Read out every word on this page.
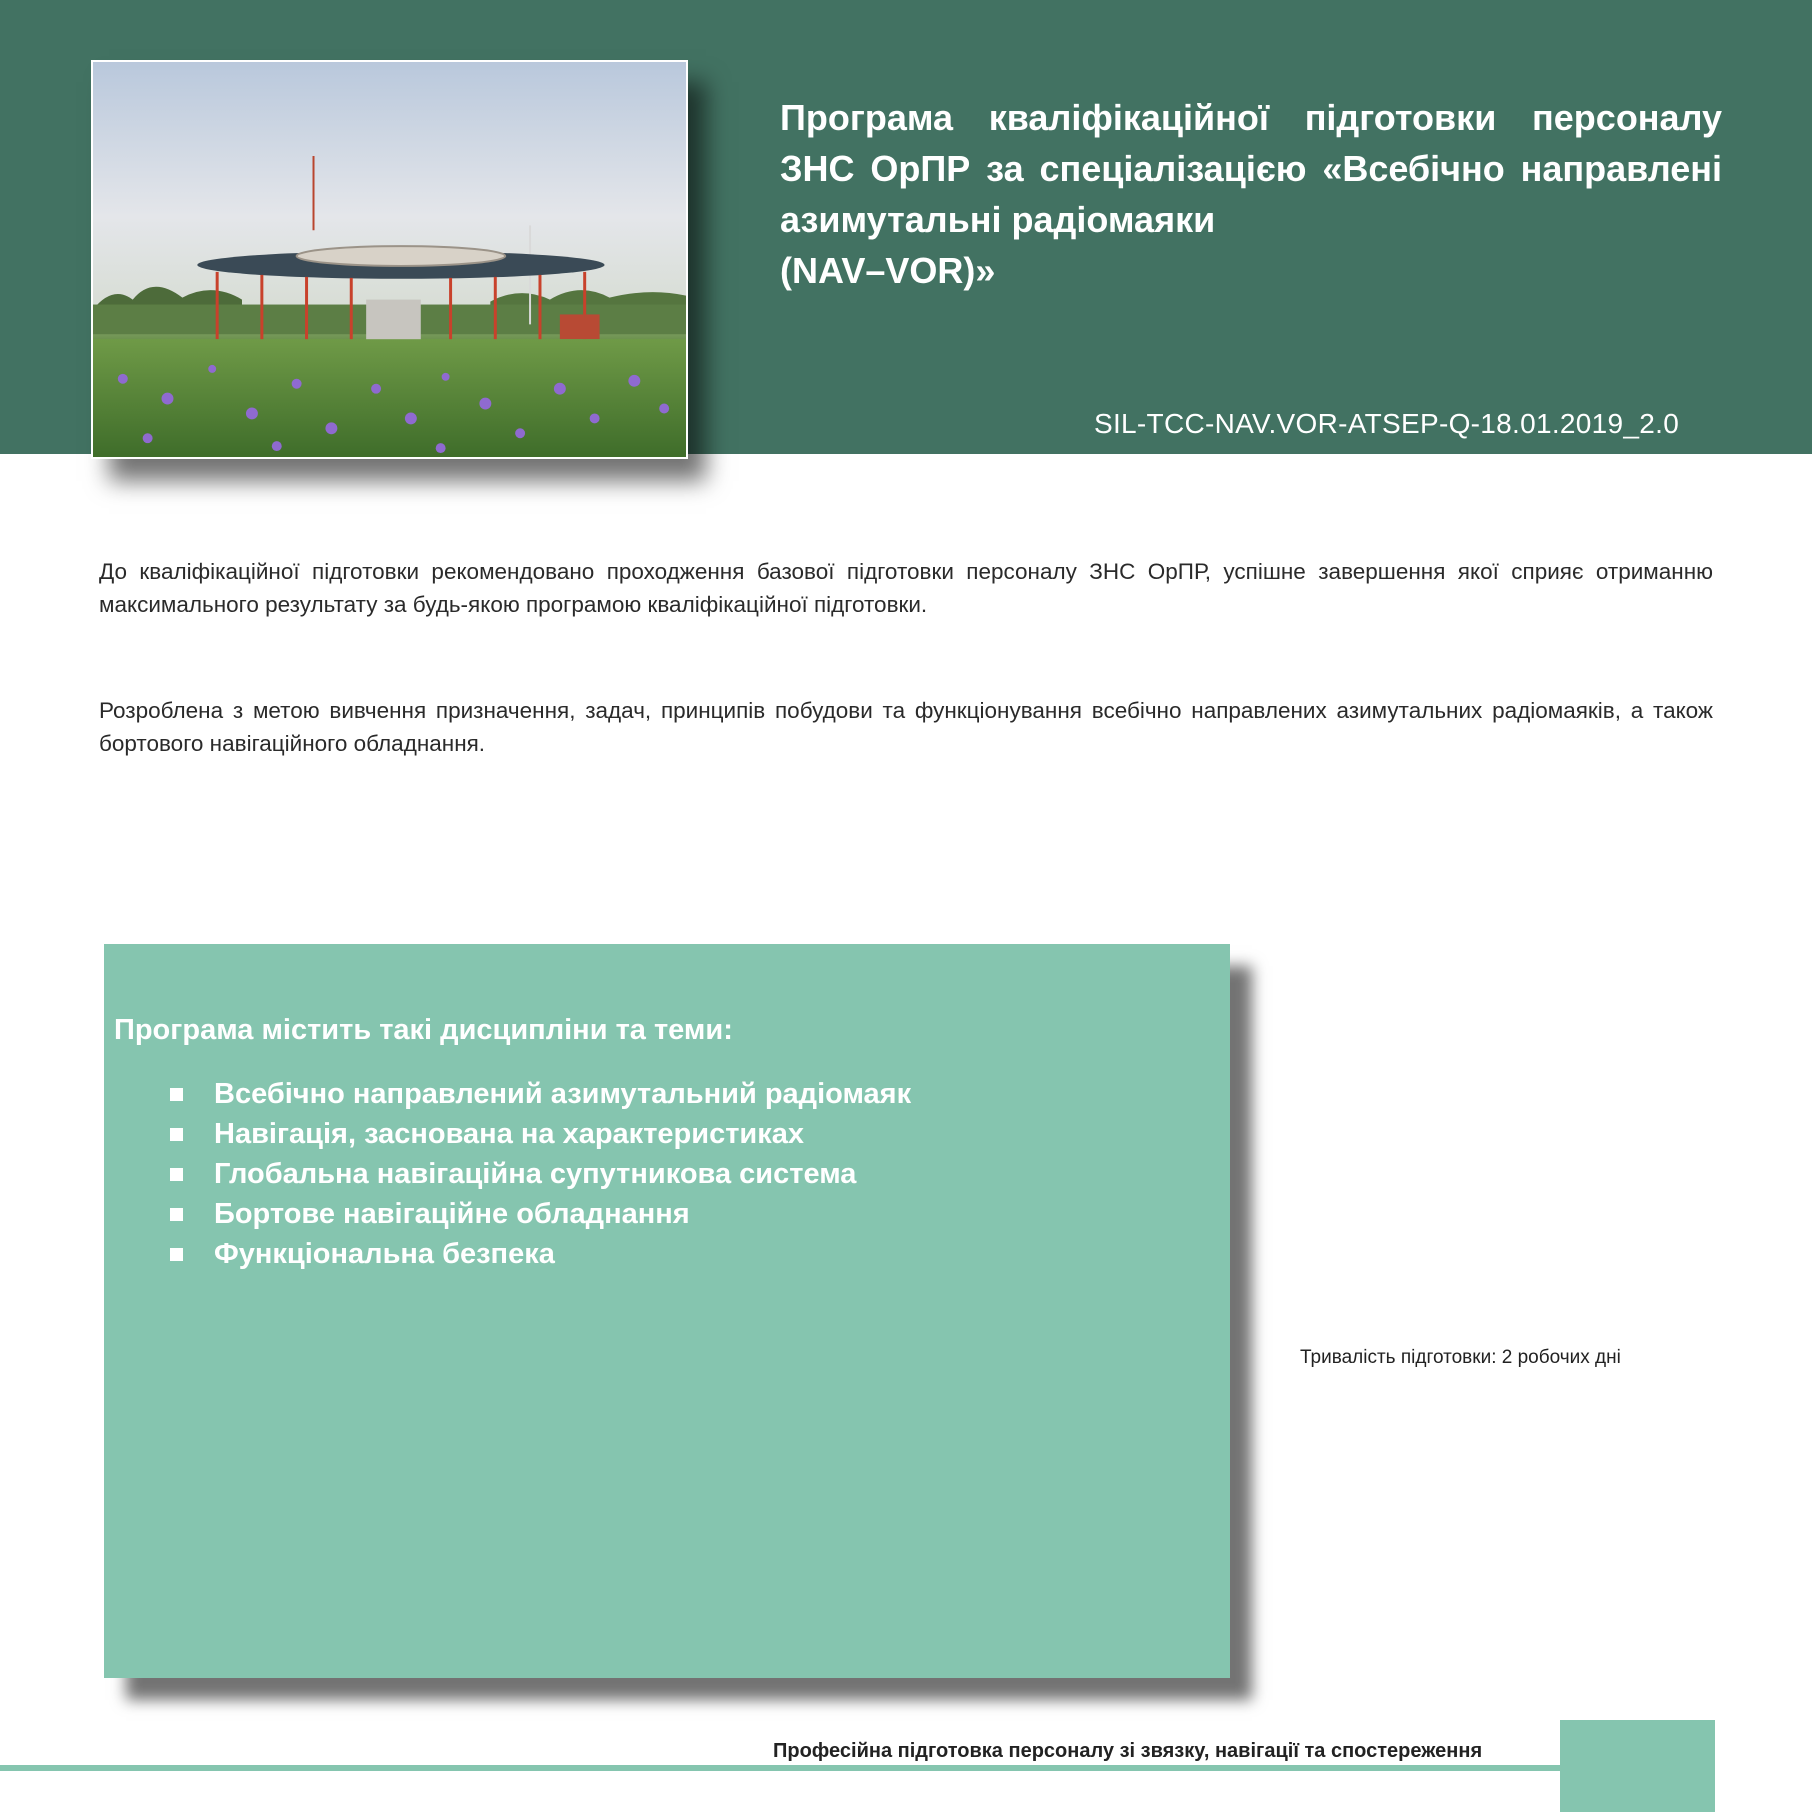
Програма кваліфікаційної підготовки персоналу
ЗНС ОрПР за спеціалізацією «Всебічно направлені
азимутальні радіомаяки
(NAV–VOR)»
SIL-TCC-NAV.VOR-ATSEP-Q-18.01.2019_2.0

До кваліфікаційної підготовки рекомендовано проходження базової підготовки персоналу ЗНС ОрПР, успішне завершення якої сприяє отриманню максимального результату за будь-якою програмою кваліфікаційної підготовки.

Розроблена з метою вивчення призначення, задач, принципів побудови та функціонування всебічно направлених азимутальних радіомаяків, а також бортового навігаційного обладнання.

Програма містить такі дисципліни та теми:
Всебічно направлений азимутальний радіомаяк
Навігація, заснована на характеристиках
Глобальна навігаційна супутникова система
Бортове навігаційне обладнання
Функціональна безпека
Тривалість підготовки: 2 робочих дні
Професійна підготовка персоналу зі звязку, навігації та спостереження
